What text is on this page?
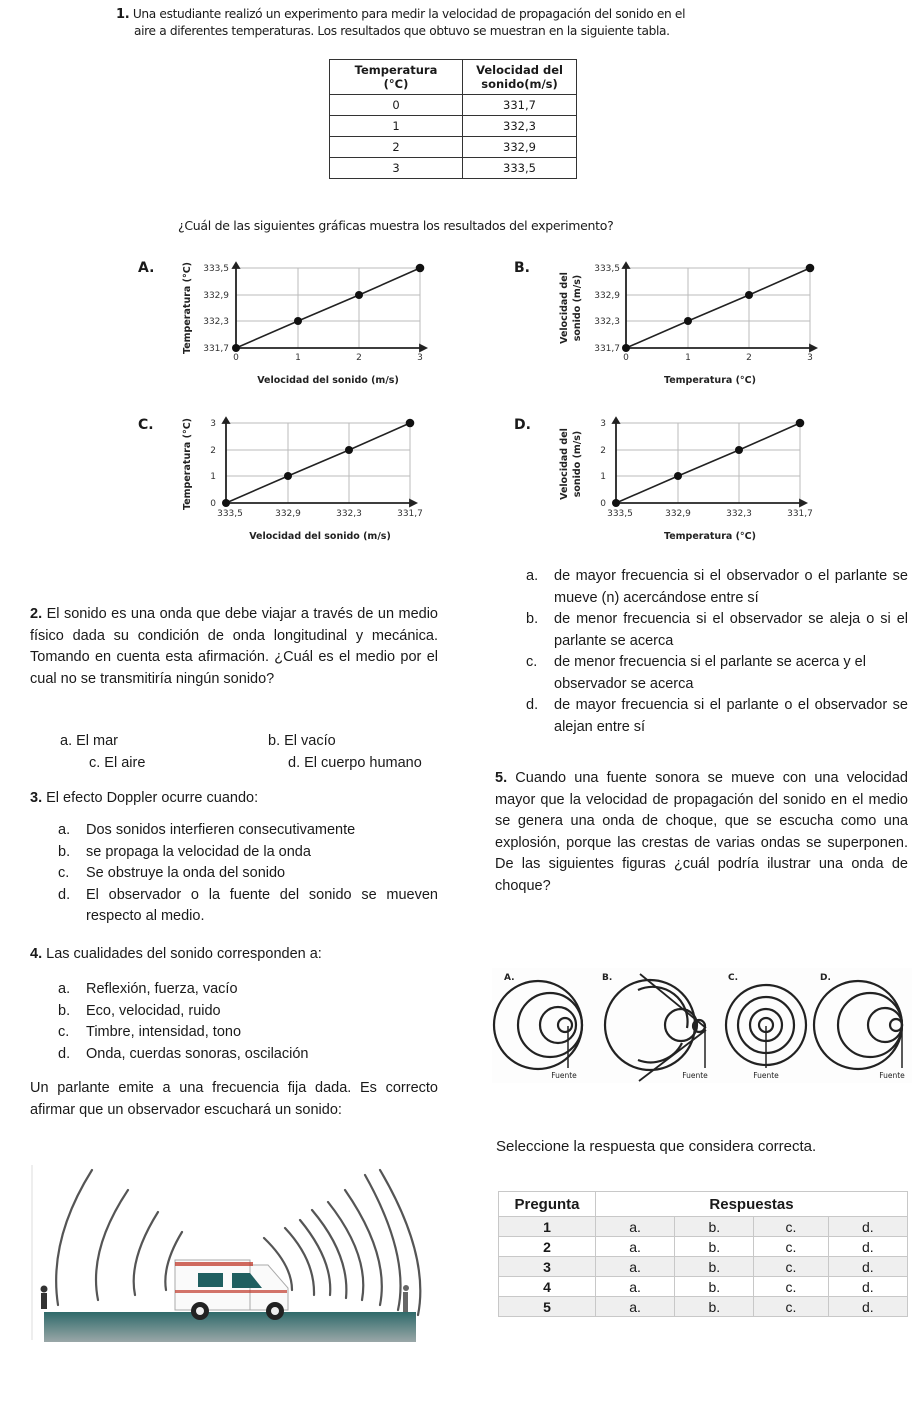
1. Una estudiante realizó un experimento para medir la velocidad de propagación del sonido en el
aire a diferentes temperaturas. Los resultados que obtuvo se muestran en la siguiente tabla.
Temperatura
(°C)	Velocidad del
sonido(m/s)
0	331,7
1	332,3
2	332,9
3	333,5
¿Cuál de las siguientes gráficas muestra los resultados del experimento?
A.	333,5
332,9
332,3
331,7
0	1	2	3
Velocidad del sonido (m/s)
Temperatura (°C)	B.	333,5
332,9
332,3
331,7
0	1	2	3
Temperatura (°C)
Velocidad del sonido (m/s)
C.	3
2
1
0
333,5	332,9	332,3	331,7
Velocidad del sonido (m/s)
Temperatura (°C)	D.	3
2
1
0
333,5	332,9	332,3	331,7
Temperatura (°C)
Velocidad del sonido (m/s)
a.	de mayor frecuencia si el observador o el parlante se mueve (n) acercándose entre sí
b.	de menor frecuencia si el observador se aleja o si el parlante se acerca
c.	de menor frecuencia si el parlante se acerca y el observador se acerca
d.	de mayor frecuencia si el parlante o el observador se alejan entre sí
2. El sonido es una onda que debe viajar a través de un medio físico dada su condición de onda longitudinal y mecánica. Tomando en cuenta esta afirmación. ¿Cuál es el medio por el cual no se transmitiría ningún sonido?
a. El mar	b. El vacío
c. El aire	d. El cuerpo humano
3. El efecto Doppler ocurre cuando:
a.	Dos sonidos interfieren consecutivamente
b.	se propaga la velocidad de la onda
c.	Se obstruye la onda del sonido
d.	El observador o la fuente del sonido se mueven respecto al medio.
5. Cuando una fuente sonora se mueve con una velocidad mayor que la velocidad de propagación del sonido en el medio se genera una onda de choque, que se escucha como una explosión, porque las crestas de varias ondas se superponen. De las siguientes figuras ¿cuál podría ilustrar una onda de choque?
4. Las cualidades del sonido corresponden a:
a.	Reflexión, fuerza, vacío
b.	Eco, velocidad, ruido
c.	Timbre, intensidad, tono
d.	Onda, cuerdas sonoras, oscilación
A.	B.	C.	D.
Fuente	Fuente	Fuente	Fuente
Un parlante emite a una frecuencia fija dada. Es correcto afirmar que un observador escuchará un sonido:
Seleccione la respuesta que considera correcta.
Pregunta	Respuestas			
1	a.	b.	c.	d.
2	a.	b.	c.	d.
3	a.	b.	c.	d.
4	a.	b.	c.	d.
5	a.	b.	c.	d.
